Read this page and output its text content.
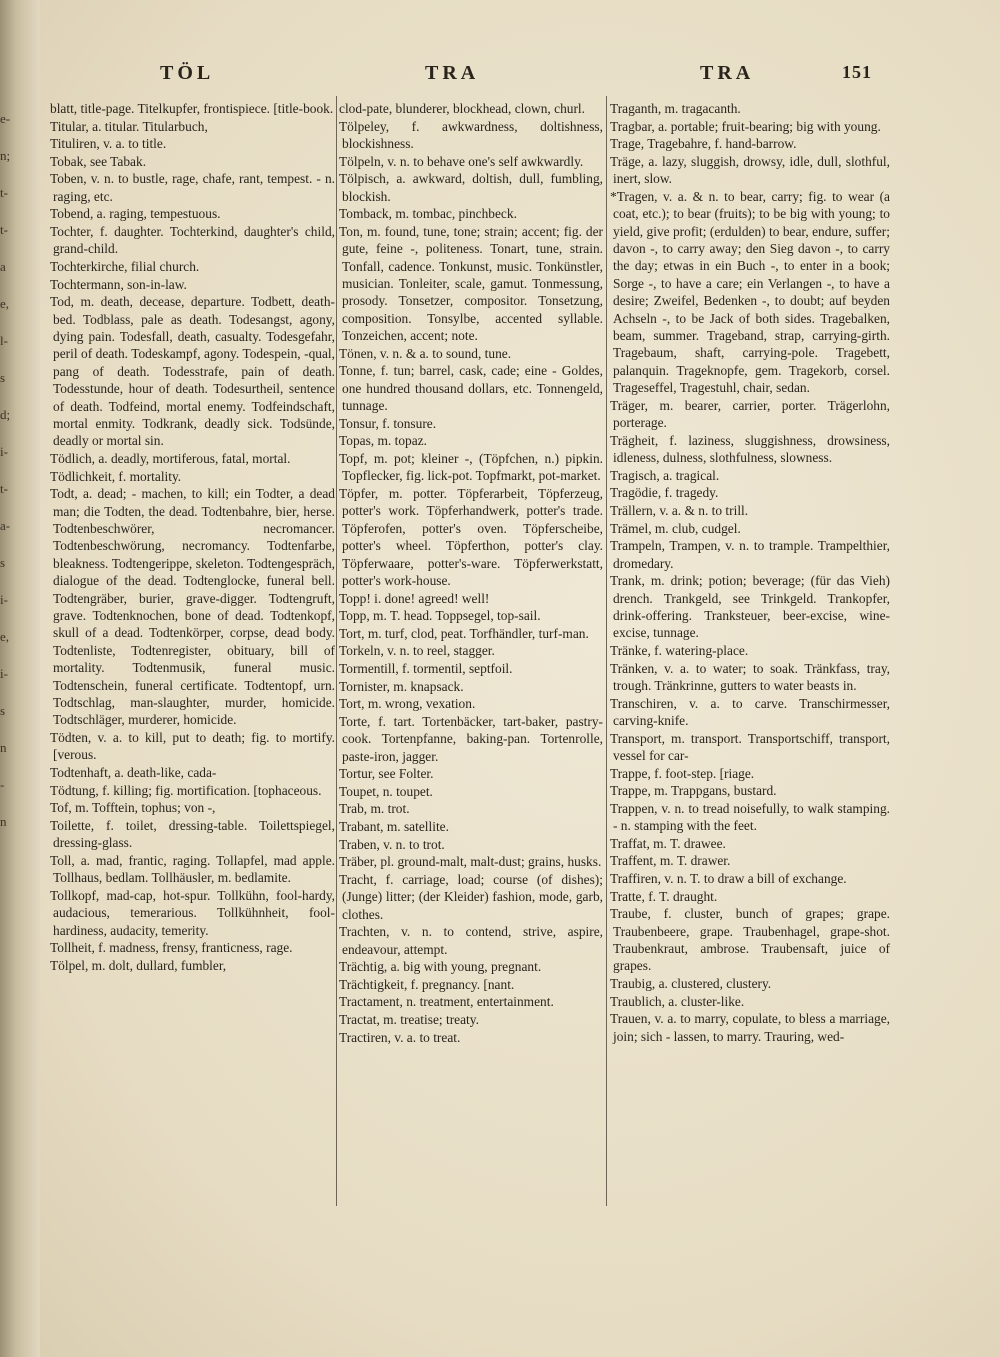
e-
n;
t-
t-
a
e,
l-
s
d;
i-
t-
a-
s
i-
e,
i-
s
n
-
n
TÖL	TRA	TRA	151

blatt, title-page. Titelkupfer, frontispiece. [title-book.

Titular, a. titular. Titularbuch,

Tituliren, v. a. to title.

Tobak, see Tabak.

Toben, v. n. to bustle, rage, chafe, rant, tempest. - n. raging, etc.

Tobend, a. raging, tempestuous.

Tochter, f. daughter. Tochterkind, daughter's child, grand-child.

Tochterkirche, filial church.

Tochtermann, son-in-law.

Tod, m. death, decease, departure. Todbett, death-bed. Todblass, pale as death. Todesangst, agony, dying pain. Todesfall, death, casualty. Todesgefahr, peril of death. Todeskampf, agony. Todespein, -qual, pang of death. Todesstrafe, pain of death. Todesstunde, hour of death. Todesurtheil, sentence of death. Todfeind, mortal enemy. Todfeindschaft, mortal enmity. Todkrank, deadly sick. Todsünde, deadly or mortal sin.

Tödlich, a. deadly, mortiferous, fatal, mortal.

Tödlichkeit, f. mortality.

Todt, a. dead; - machen, to kill; ein Todter, a dead man; die Todten, the dead. Todtenbahre, bier, herse. Todtenbeschwörer, necromancer. Todtenbeschwörung, necromancy. Todtenfarbe, bleakness. Todtengerippe, skeleton. Todtengespräch, dialogue of the dead. Todtenglocke, funeral bell. Todtengräber, burier, grave-digger. Todtengruft, grave. Todtenknochen, bone of dead. Todtenkopf, skull of a dead. Todtenkörper, corpse, dead body. Todtenliste, Todtenregister, obituary, bill of mortality. Todtenmusik, funeral music. Todtenschein, funeral certificate. Todtentopf, urn. Todtschlag, man-slaughter, murder, homicide. Todtschläger, murderer, homicide.

Tödten, v. a. to kill, put to death; fig. to mortify. [verous.

Todtenhaft, a. death-like, cada-

Tödtung, f. killing; fig. mortification. [tophaceous.

Tof, m. Tofftein, tophus; von -,

Toilette, f. toilet, dressing-table. Toilettspiegel, dressing-glass.

Toll, a. mad, frantic, raging. Tollapfel, mad apple. Tollhaus, bedlam. Tollhäusler, m. bedlamite.

Tollkopf, mad-cap, hot-spur. Tollkühn, fool-hardy, audacious, temerarious. Tollkühnheit, fool-hardiness, audacity, temerity.

Tollheit, f. madness, frensy, franticness, rage.

Tölpel, m. dolt, dullard, fumbler,

clod-pate, blunderer, blockhead, clown, churl.

Tölpeley, f. awkwardness, doltishness, blockishness.

Tölpeln, v. n. to behave one's self awkwardly.

Tölpisch, a. awkward, doltish, dull, fumbling, blockish.

Tomback, m. tombac, pinchbeck.

Ton, m. found, tune, tone; strain; accent; fig. der gute, feine -, politeness. Tonart, tune, strain. Tonfall, cadence. Tonkunst, music. Tonkünstler, musician. Tonleiter, scale, gamut. Tonmessung, prosody. Tonsetzer, compositor. Tonsetzung, composition. Tonsylbe, accented syllable. Tonzeichen, accent; note.

Tönen, v. n. & a. to sound, tune.

Tonne, f. tun; barrel, cask, cade; eine - Goldes, one hundred thousand dollars, etc. Tonnengeld, tunnage.

Tonsur, f. tonsure.

Topas, m. topaz.

Topf, m. pot; kleiner -, (Töpfchen, n.) pipkin. Topflecker, fig. lick-pot. Topfmarkt, pot-market.

Töpfer, m. potter. Töpferarbeit, Töpferzeug, potter's work. Töpferhandwerk, potter's trade. Töpferofen, potter's oven. Töpferscheibe, potter's wheel. Töpferthon, potter's clay. Töpferwaare, potter's-ware. Töpferwerkstatt, potter's work-house.

Topp! i. done! agreed! well!

Topp, m. T. head. Toppsegel, top-sail.

Tort, m. turf, clod, peat. Torfhändler, turf-man.

Torkeln, v. n. to reel, stagger.

Tormentill, f. tormentil, septfoil.

Tornister, m. knapsack.

Tort, m. wrong, vexation.

Torte, f. tart. Tortenbäcker, tart-baker, pastry-cook. Tortenpfanne, baking-pan. Tortenrolle, paste-iron, jagger.

Tortur, see Folter.

Toupet, n. toupet.

Trab, m. trot.

Trabant, m. satellite.

Traben, v. n. to trot.

Träber, pl. ground-malt, malt-dust; grains, husks.

Tracht, f. carriage, load; course (of dishes); (Junge) litter; (der Kleider) fashion, mode, garb, clothes.

Trachten, v. n. to contend, strive, aspire, endeavour, attempt.

Trächtig, a. big with young, pregnant.

Trächtigkeit, f. pregnancy. [nant.

Tractament, n. treatment, entertainment.

Tractat, m. treatise; treaty.

Tractiren, v. a. to treat.

Traganth, m. tragacanth.

Tragbar, a. portable; fruit-bearing; big with young.

Trage, Tragebahre, f. hand-barrow.

Träge, a. lazy, sluggish, drowsy, idle, dull, slothful, inert, slow.

*Tragen, v. a. & n. to bear, carry; fig. to wear (a coat, etc.); to bear (fruits); to be big with young; to yield, give profit; (erdulden) to bear, endure, suffer; davon -, to carry away; den Sieg davon -, to carry the day; etwas in ein Buch -, to enter in a book; Sorge -, to have a care; ein Verlangen -, to have a desire; Zweifel, Bedenken -, to doubt; auf beyden Achseln -, to be Jack of both sides. Tragebalken, beam, summer. Trageband, strap, carrying-girth. Tragebaum, shaft, carrying-pole. Tragebett, palanquin. Trageknopfe, gem. Tragekorb, corsel. Trageseffel, Tragestuhl, chair, sedan.

Träger, m. bearer, carrier, porter. Trägerlohn, porterage.

Trägheit, f. laziness, sluggishness, drowsiness, idleness, dulness, slothfulness, slowness.

Tragisch, a. tragical.

Tragödie, f. tragedy.

Trällern, v. a. & n. to trill.

Trämel, m. club, cudgel.

Trampeln, Trampen, v. n. to trample. Trampelthier, dromedary.

Trank, m. drink; potion; beverage; (für das Vieh) drench. Trankgeld, see Trinkgeld. Trankopfer, drink-offering. Tranksteuer, beer-excise, wine-excise, tunnage.

Tränke, f. watering-place.

Tränken, v. a. to water; to soak. Tränkfass, tray, trough. Tränkrinne, gutters to water beasts in.

Transchiren, v. a. to carve. Transchirmesser, carving-knife.

Transport, m. transport. Transportschiff, transport, vessel for car-

Trappe, f. foot-step. [riage.

Trappe, m. Trappgans, bustard.

Trappen, v. n. to tread noisefully, to walk stamping. - n. stamping with the feet.

Traffat, m. T. drawee.

Traffent, m. T. drawer.

Traffiren, v. n. T. to draw a bill of exchange.

Tratte, f. T. draught.

Traube, f. cluster, bunch of grapes; grape. Traubenbeere, grape. Traubenhagel, grape-shot. Traubenkraut, ambrose. Traubensaft, juice of grapes.

Traubig, a. clustered, clustery.

Traublich, a. cluster-like.

Trauen, v. a. to marry, copulate, to bless a marriage, join; sich - lassen, to marry. Trauring, wed-
